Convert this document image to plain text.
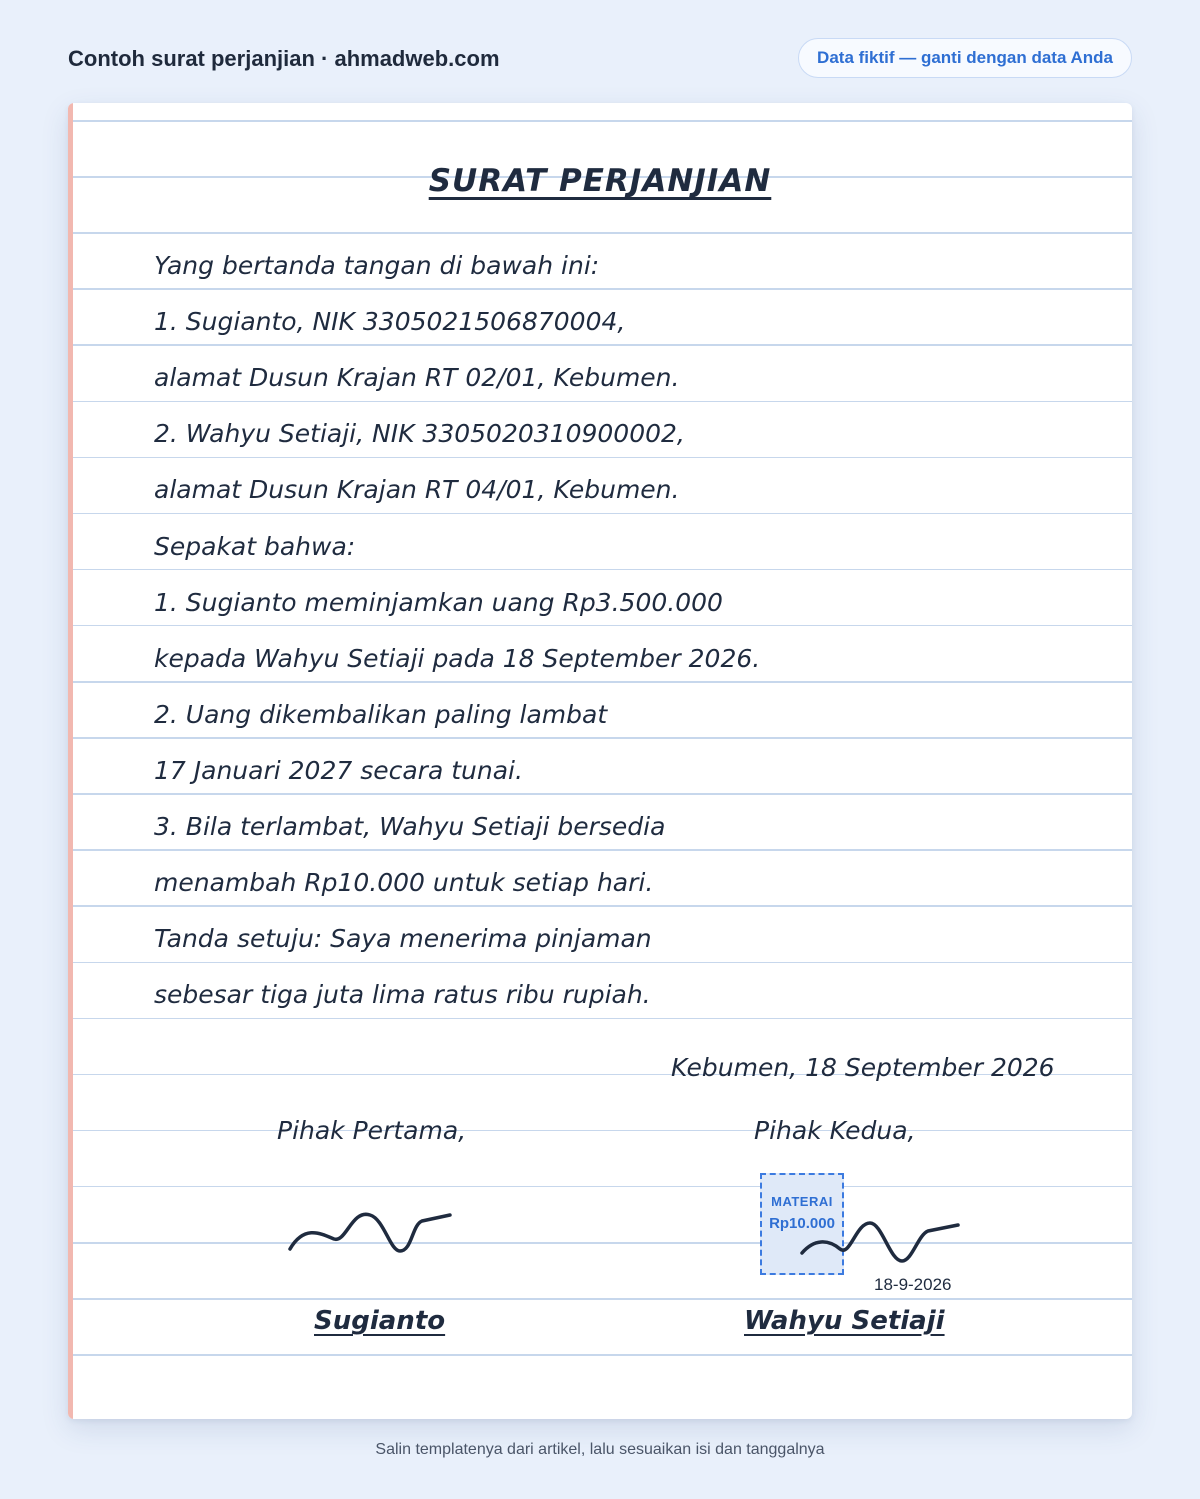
Contoh surat perjanjian · ahmadweb.com	Data fiktif — ganti dengan data Anda
SURAT PERJANJIAN
Yang bertanda tangan di bawah ini:
1. Sugianto, NIK 3305021506870004,
alamat Dusun Krajan RT 02/01, Kebumen.
2. Wahyu Setiaji, NIK 3305020310900002,
alamat Dusun Krajan RT 04/01, Kebumen.
Sepakat bahwa:
1. Sugianto meminjamkan uang Rp3.500.000
kepada Wahyu Setiaji pada 18 September 2026.
2. Uang dikembalikan paling lambat
17 Januari 2027 secara tunai.
3. Bila terlambat, Wahyu Setiaji bersedia
menambah Rp10.000 untuk setiap hari.
Tanda setuju: Saya menerima pinjaman
sebesar tiga juta lima ratus ribu rupiah.
Kebumen, 18 September 2026
Pihak Pertama,	Pihak Kedua,
MATERAI
Rp10.000
18-9-2026
Sugianto	Wahyu Setiaji
Salin templatenya dari artikel, lalu sesuaikan isi dan tanggalnya
